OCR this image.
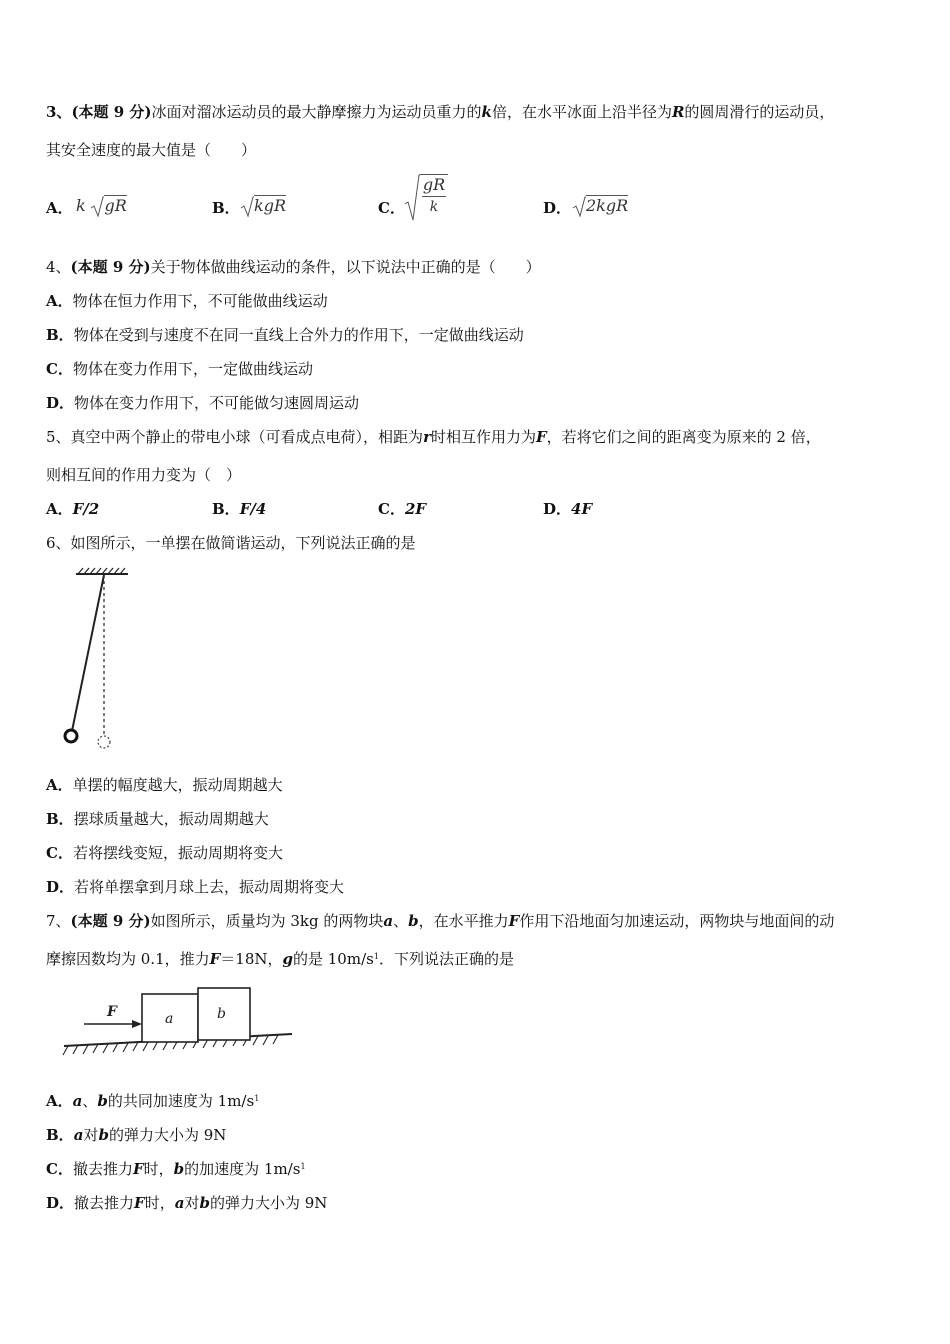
3、(本题 9 分)冰面对溜冰运动员的最大静摩擦力为运动员重力的k倍，在水平冰面上沿半径为R的圆周滑行的运动员，
其安全速度的最大值是（　　）
A． k gR	B． kgR	C．
gR
k	D． 2kgR
4、(本题 9 分)关于物体做曲线运动的条件，以下说法中正确的是（　　）
A．物体在恒力作用下，不可能做曲线运动
B．物体在受到与速度不在同一直线上合外力的作用下，一定做曲线运动
C．物体在变力作用下，一定做曲线运动
D．物体在变力作用下，不可能做匀速圆周运动
5、真空中两个静止的带电小球（可看成点电荷），相距为r时相互作用力为F，若将它们之间的距离变为原来的 2 倍，
则相互间的作用力变为（　）
A．F/2	B．F/4	C．2F	D．4F
6、如图所示，一单摆在做简谐运动，下列说法正确的是
A．单摆的幅度越大，振动周期越大
B．摆球质量越大，振动周期越大
C．若将摆线变短，振动周期将变大
D．若将单摆拿到月球上去，振动周期将变大
7、(本题 9 分)如图所示，质量均为 3kg 的两物块a、b，在水平推力F作用下沿地面匀加速运动，两物块与地面间的动
摩擦因数均为 0.1，推力F＝18N，g的是 $10m/s^1$．下列说法正确的是
F	a	b
A．a、b的共同加速度为 $1m/s^1$
B．a对b的弹力大小为 9N
C．撤去推力F时，b的加速度为 $1m/s^1$
D．撤去推力F时，a对b的弹力大小为 9N
